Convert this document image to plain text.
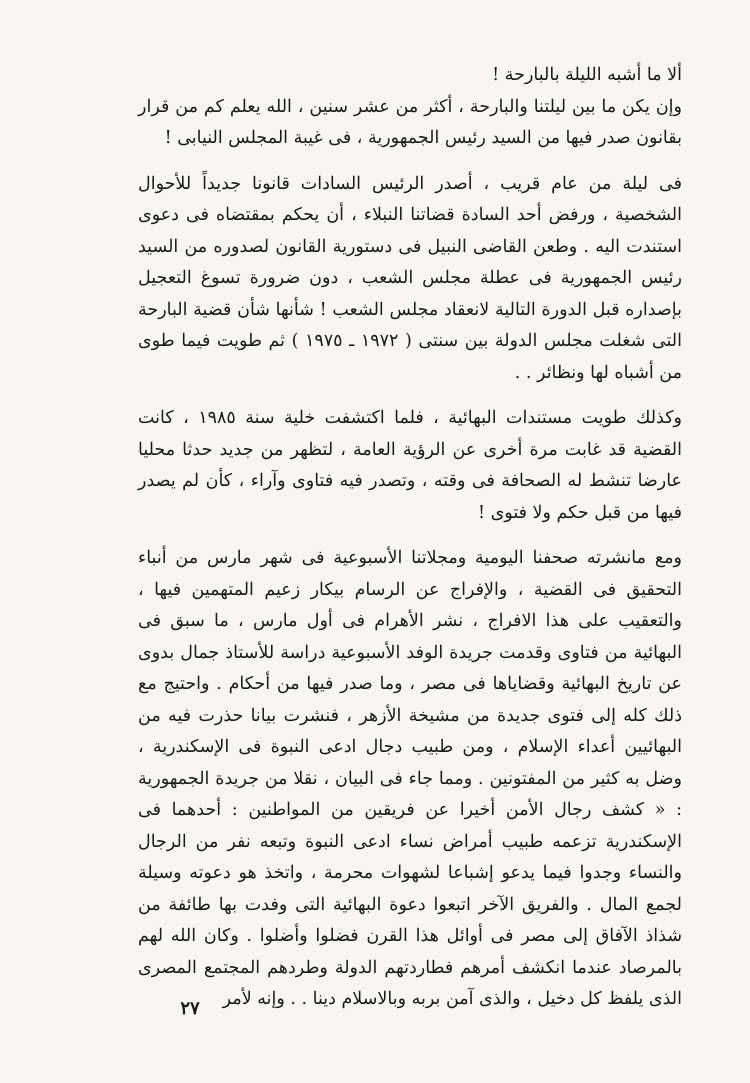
ألا ما أشبه الليلة بالبارحة !

وإن يكن ما بين ليلتنا والبارحة ، أكثر من عشر سنين ، الله يعلم كم من قرار بقانون صدر فيها من السيد رئيس الجمهورية ، فى غيبة المجلس النيابى !

فى ليلة من عام قريب ، أصدر الرئيس السادات قانونا جديداً للأحوال الشخصية ، ورفض أحد السادة قضاتنا النبلاء ، أن يحكم بمقتضاه فى دعوى استندت اليه . وطعن القاضى النبيل فى دستورية القانون لصدوره من السيد رئيس الجمهورية فى عطلة مجلس الشعب ، دون ضرورة تسوغ التعجيل بإصداره قبل الدورة التالية لانعقاد مجلس الشعب ! شأنها شأن قضية البارحة التى شغلت مجلس الدولة بين سنتى ( ١٩٧٢ ـ ١٩٧٥ ) ثم طويت فيما طوى من أشباه لها ونظائر . .

وكذلك طويت مستندات البهائية ، فلما اكتشفت خلية سنة ١٩٨٥ ، كانت القضية قد غابت مرة أخرى عن الرؤية العامة ، لتظهر من جديد حدثا محليا عارضا تنشط له الصحافة فى وقته ، وتصدر فيه فتاوى وآراء ، كأن لم يصدر فيها من قبل حكم ولا فتوى !

ومع مانشرته صحفنا اليومية ومجلاتنا الأسبوعية فى شهر مارس من أنباء التحقيق فى القضية ، والإفراج عن الرسام بيكار زعيم المتهمين فيها ، والتعقيب على هذا الافراج ، نشر الأهرام فى أول مارس ، ما سبق فى البهائية من فتاوى وقدمت جريدة الوفد الأسبوعية دراسة للأستاذ جمال بدوى عن تاريخ البهائية وقضاياها فى مصر ، وما صدر فيها من أحكام . واحتيج مع ذلك كله إلى فتوى جديدة من مشيخة الأزهر ، فنشرت بيانا حذرت فيه من البهائيين أعداء الإسلام ، ومن طبيب دجال ادعى النبوة فى الإسكندرية ، وضل به كثير من المفتونين . ومما جاء فى البيان ، نقلا من جريدة الجمهورية : « كشف رجال الأمن أخيرا عن فريقين من المواطنين : أحدهما فى الإسكندرية تزعمه طبيب أمراض نساء ادعى النبوة وتبعه نفر من الرجال والنساء وجدوا فيما يدعو إشباعا لشهوات محرمة ، واتخذ هو دعوته وسيلة لجمع المال . والفريق الآخر اتبعوا دعوة البهائية التى وفدت بها طائفة من شذاذ الآفاق إلى مصر فى أوائل هذا القرن فضلوا وأضلوا . وكان الله لهم بالمرصاد عندما انكشف أمرهم فطاردتهم الدولة وطردهم المجتمع المصرى الذى يلفظ كل دخيل ، والذى آمن بربه وبالاسلام دينا . . وإنه لأمر

٢٧
